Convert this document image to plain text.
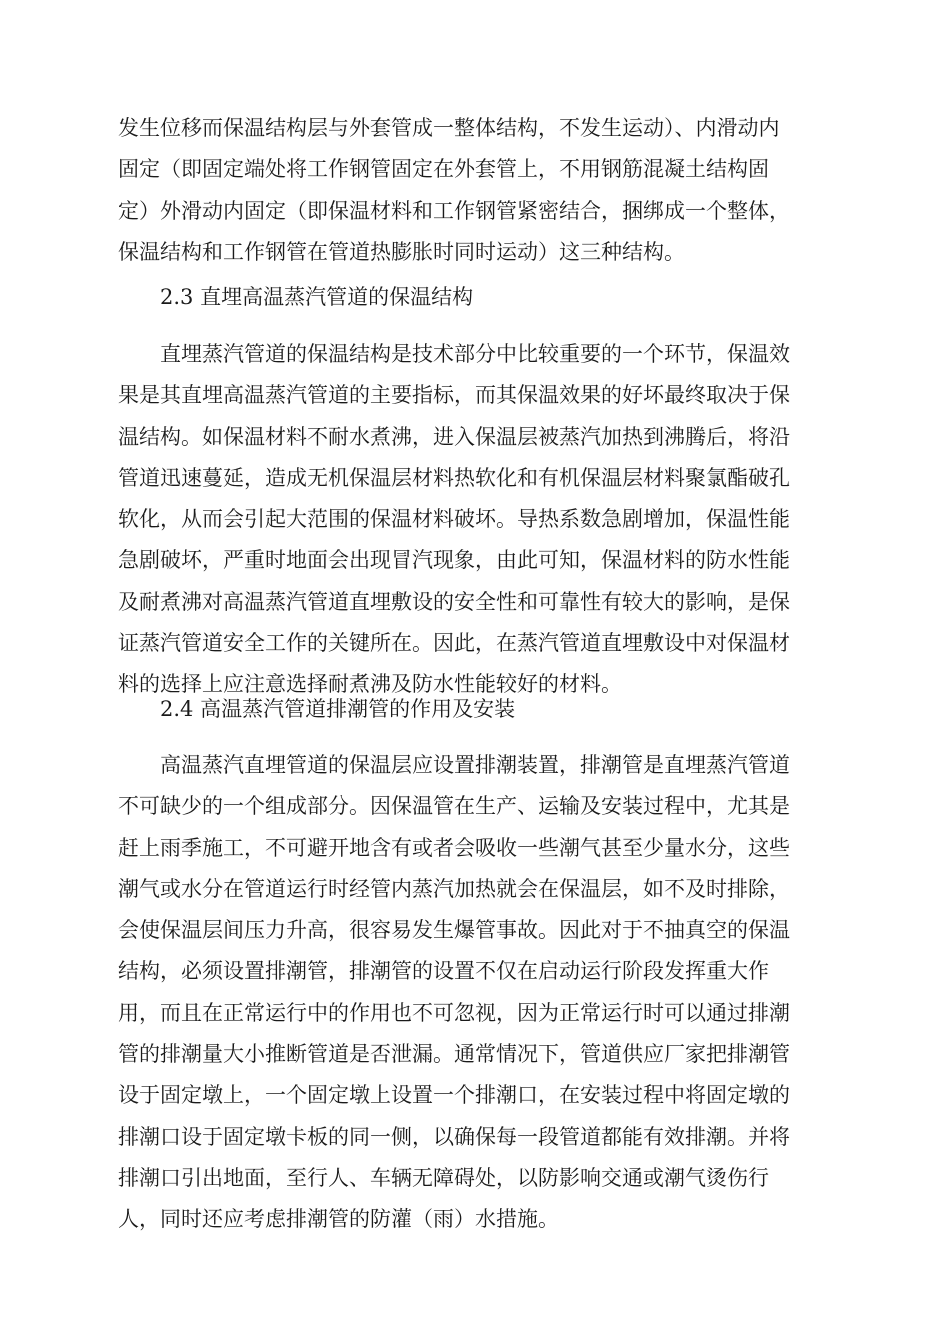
发生位移而保温结构层与外套管成一整体结构，不发生运动）、内滑动内
固定（即固定端处将工作钢管固定在外套管上，不用钢筋混凝土结构固
定）外滑动内固定（即保温材料和工作钢管紧密结合，捆绑成一个整体，
保温结构和工作钢管在管道热膨胀时同时运动）这三种结构。
2.3 直埋高温蒸汽管道的保温结构
直埋蒸汽管道的保温结构是技术部分中比较重要的一个环节，保温效
果是其直埋高温蒸汽管道的主要指标，而其保温效果的好坏最终取决于保
温结构。如保温材料不耐水煮沸，进入保温层被蒸汽加热到沸腾后，将沿
管道迅速蔓延，造成无机保温层材料热软化和有机保温层材料聚氯酯破孔
软化，从而会引起大范围的保温材料破坏。导热系数急剧增加，保温性能
急剧破坏，严重时地面会出现冒汽现象，由此可知，保温材料的防水性能
及耐煮沸对高温蒸汽管道直埋敷设的安全性和可靠性有较大的影响，是保
证蒸汽管道安全工作的关键所在。因此，在蒸汽管道直埋敷设中对保温材
料的选择上应注意选择耐煮沸及防水性能较好的材料。
2.4 高温蒸汽管道排潮管的作用及安装
高温蒸汽直埋管道的保温层应设置排潮装置，排潮管是直埋蒸汽管道
不可缺少的一个组成部分。因保温管在生产、运输及安装过程中，尤其是
赶上雨季施工，不可避开地含有或者会吸收一些潮气甚至少量水分，这些
潮气或水分在管道运行时经管内蒸汽加热就会在保温层，如不及时排除，
会使保温层间压力升高，很容易发生爆管事故。因此对于不抽真空的保温
结构，必须设置排潮管，排潮管的设置不仅在启动运行阶段发挥重大作
用，而且在正常运行中的作用也不可忽视，因为正常运行时可以通过排潮
管的排潮量大小推断管道是否泄漏。通常情况下，管道供应厂家把排潮管
设于固定墩上，一个固定墩上设置一个排潮口，在安装过程中将固定墩的
排潮口设于固定墩卡板的同一侧，以确保每一段管道都能有效排潮。并将
排潮口引出地面，至行人、车辆无障碍处，以防影响交通或潮气烫伤行
人，同时还应考虑排潮管的防灌（雨）水措施。
